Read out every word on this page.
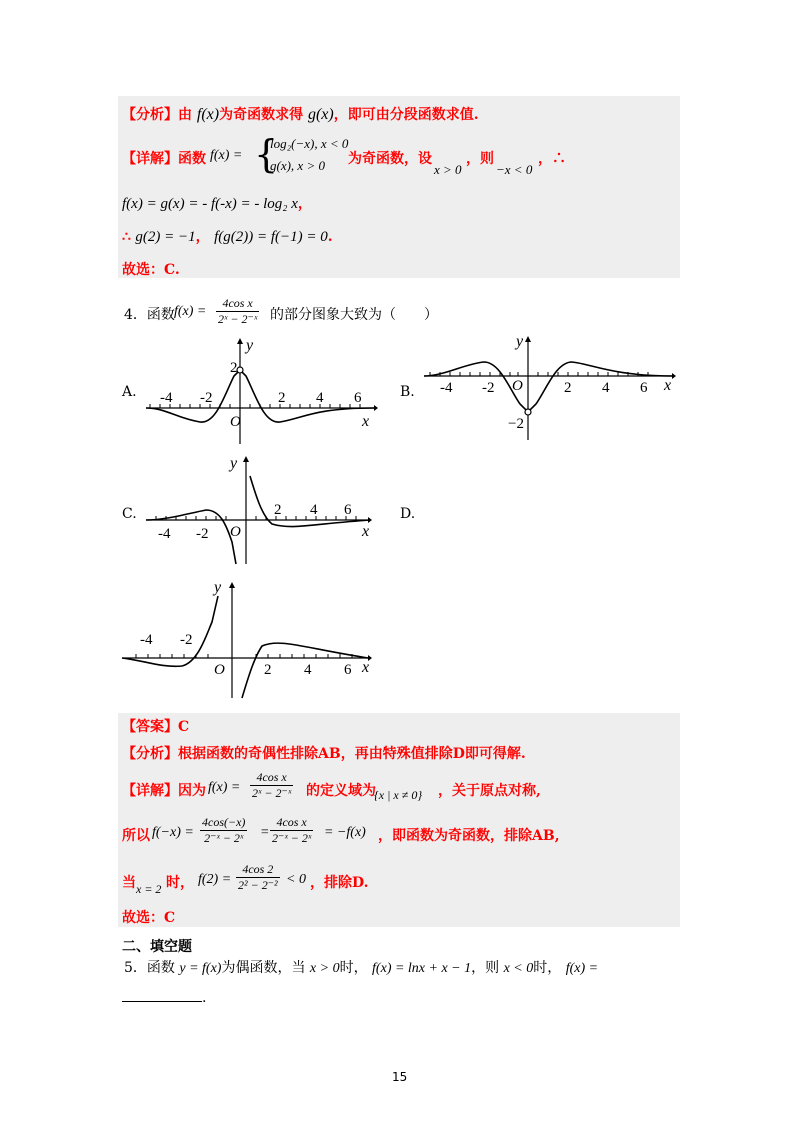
【分析】由 f(x)为奇函数求得 g(x)，即可由分段函数求值.
【详解】 函数 f(x) = {
log₂(−x), x < 0
g(x), x > 0 为奇函数，设
x > 0
，则
−x < 0
，∴
f(x) = g(x) = - f(-x) = - log₂ x，
∴ g(2) = −1， f(g(2)) = f(−1) = 0.
故选：C.
4．函数 $f(x) = \frac{\text{4cos x}}{\text{2ˣ − 2⁻ˣ}}$ 的部分图象大致为（　　）
A.	B.
C.	D.
-4 -2	2 4 6
2
O	x
y
-4 -2	2 4 6
−2
O	x
y
-4 -2
2 4 6
O	x
y
-4 -2
2 4 6
O	x
y
【答案】C
【分析】根据函数的奇偶性排除AB，再由特殊值排除D即可得解.
【详解】 因为 $f(x) = \frac{\text{4cos x}}{\text{2ˣ − 2⁻ˣ}}$ 的定义域为
{x | x ≠ 0} ，关于原点对称,
所以 $f(-x) = \frac{4\cos(-x)}{\text{2⁻ˣ − 2ˣ}} = \frac{\text{4cos x}}{\text{2⁻ˣ − 2ˣ}} = -f(x)$ ，即函数为奇函数，排除AB,
当 x = 2 时， $f(2) = \frac{4\cos 2}{\text{2² − 2⁻²}} < 0$ ，排除D.
故选：C
二、填空题
5．函数 y = f(x)为偶函数，当 x > 0时， f(x) = lnx + x − 1，则 x < 0时， f(x) =
.
15
